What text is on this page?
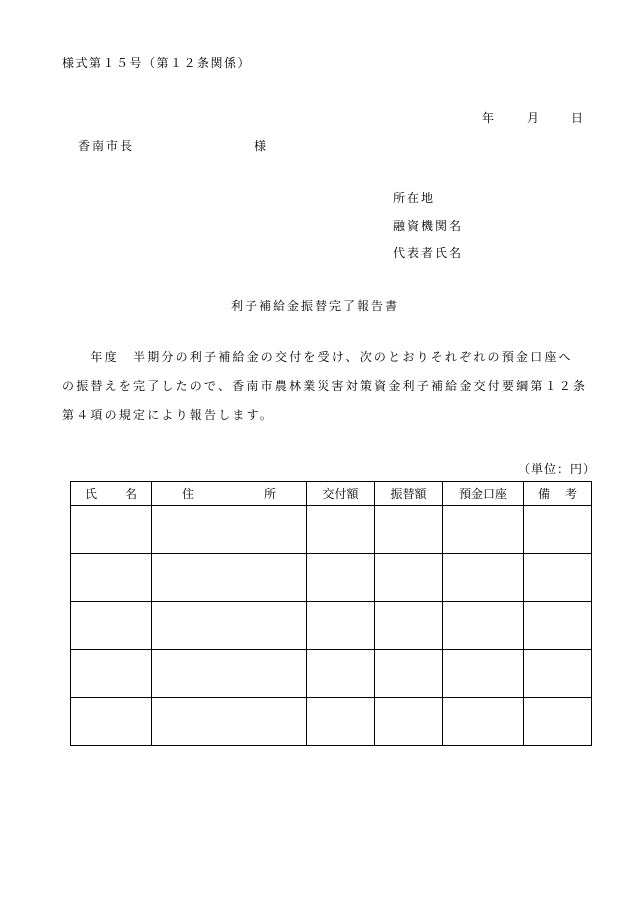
様式第１５号（第１２条関係）
年	月	日
香南市長	様
所在地
融資機関名
代表者氏名
利子補給金振替完了報告書
　　年度　半期分の利子補給金の交付を受け、次のとおりそれぞれの預金口座へ
の振替えを完了したので、香南市農林業災害対策資金利子補給金交付要綱第１２条
第４項の規定により報告します。
（単位：円）
氏 名	住 所	交付額	振替額	預金口座	備 考
